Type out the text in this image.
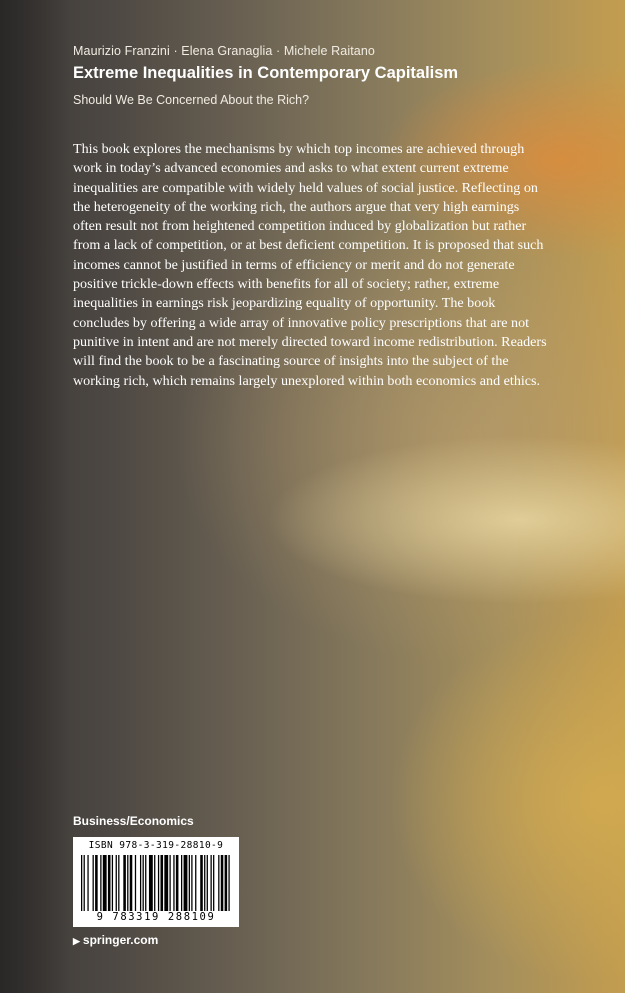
Maurizio Franzini · Elena Granaglia · Michele Raitano
Extreme Inequalities in Contemporary Capitalism
Should We Be Concerned About the Rich?

This book explores the mechanisms by which top incomes are achieved through work in today’s advanced economies and asks to what extent current extreme inequalities are compatible with widely held values of social justice. Reflecting on the heterogeneity of the working rich, the authors argue that very high earnings often result not from heightened competition induced by globalization but rather from a lack of competition, or at best deficient competition. It is proposed that such incomes cannot be justified in terms of efficiency or merit and do not generate positive trickle-down effects with benefits for all of society; rather, extreme inequalities in earnings risk jeopardizing equality of opportunity. The book concludes by offering a wide array of innovative policy prescriptions that are not punitive in intent and are not merely directed toward income redistribution. Readers will find the book to be a fascinating source of insights into the subject of the working rich, which remains largely unexplored within both economics and ethics.

Business/Economics
ISBN 978-3-319-28810-9
9 783319 288109
▶ springer.com
